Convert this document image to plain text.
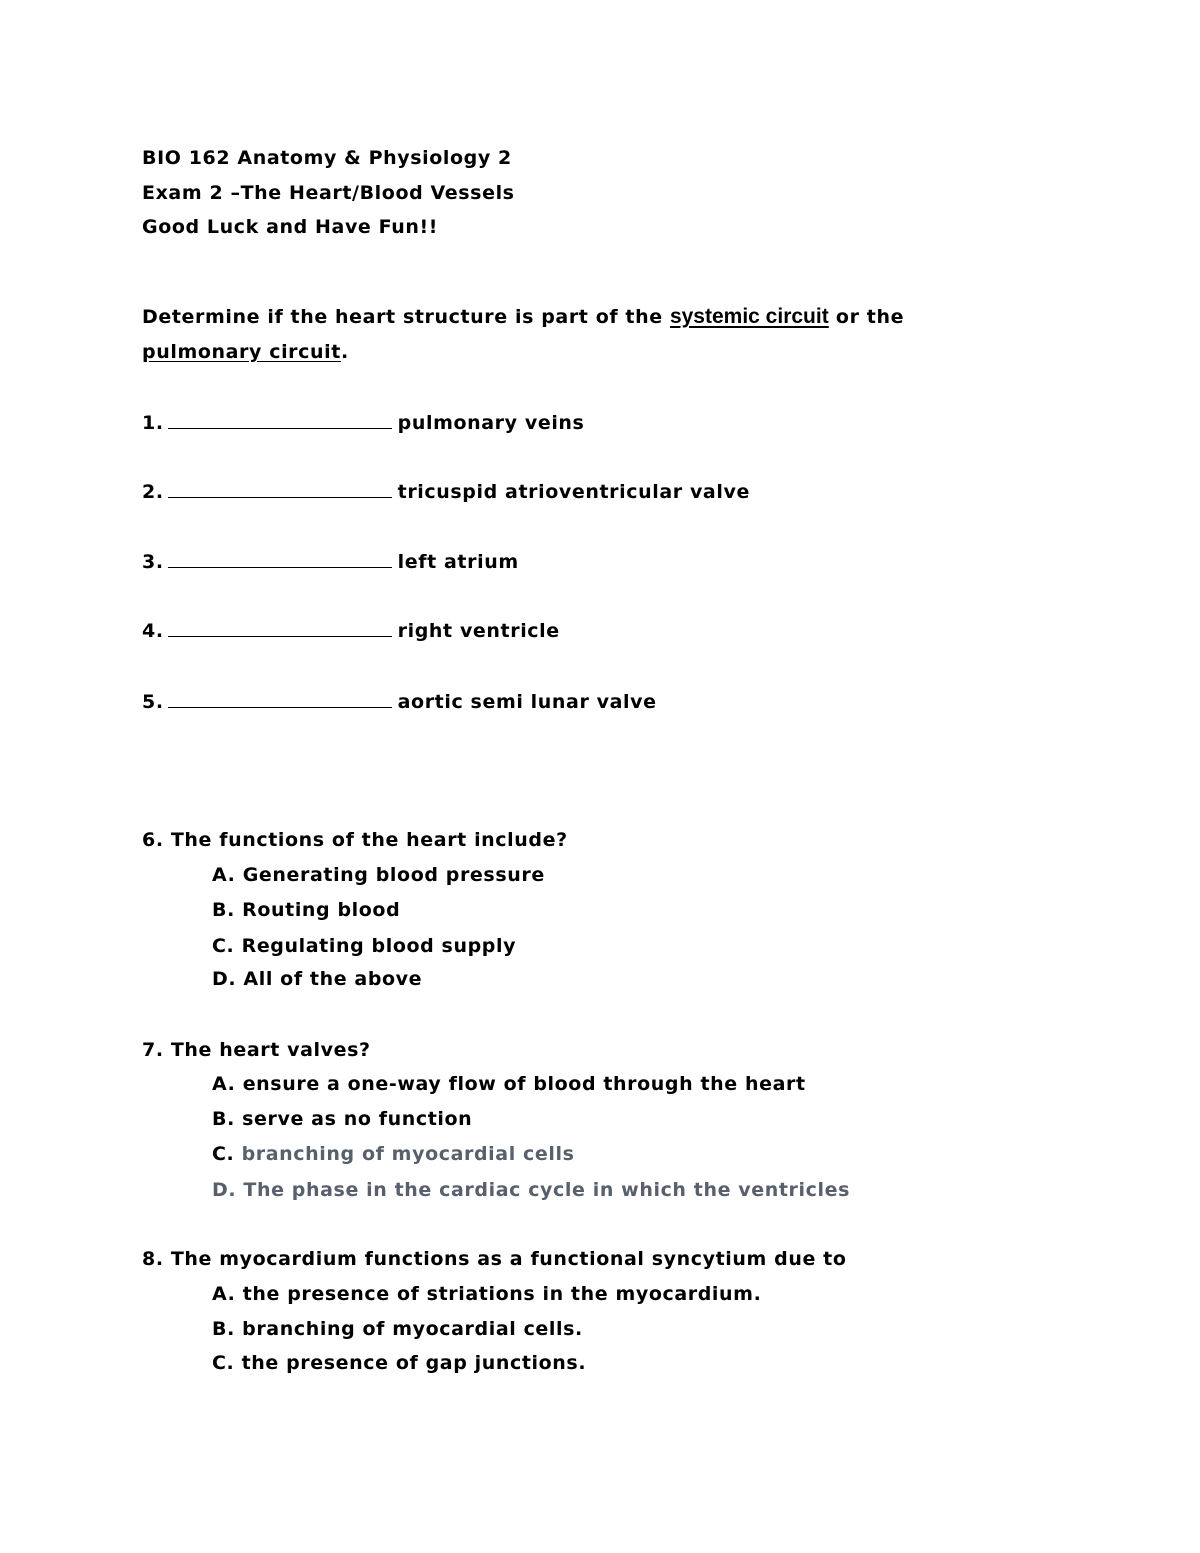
BIO 162 Anatomy & Physiology 2
Exam 2 –The Heart/Blood Vessels
Good Luck and Have Fun!!
Determine if the heart structure is part of the systemic circuit or the
pulmonary circuit.
1.	pulmonary veins
2.	tricuspid atrioventricular valve
3.	left atrium
4.	right ventricle
5.	aortic semi lunar valve
6. The functions of the heart include?
A. Generating blood pressure
B. Routing blood
C. Regulating blood supply
D. All of the above
7. The heart valves?
A. ensure a one-way flow of blood through the heart
B. serve as no function
C. branching of myocardial cells
D. The phase in the cardiac cycle in which the ventricles
8. The myocardium functions as a functional syncytium due to
A. the presence of striations in the myocardium.
B. branching of myocardial cells.
C. the presence of gap junctions.
